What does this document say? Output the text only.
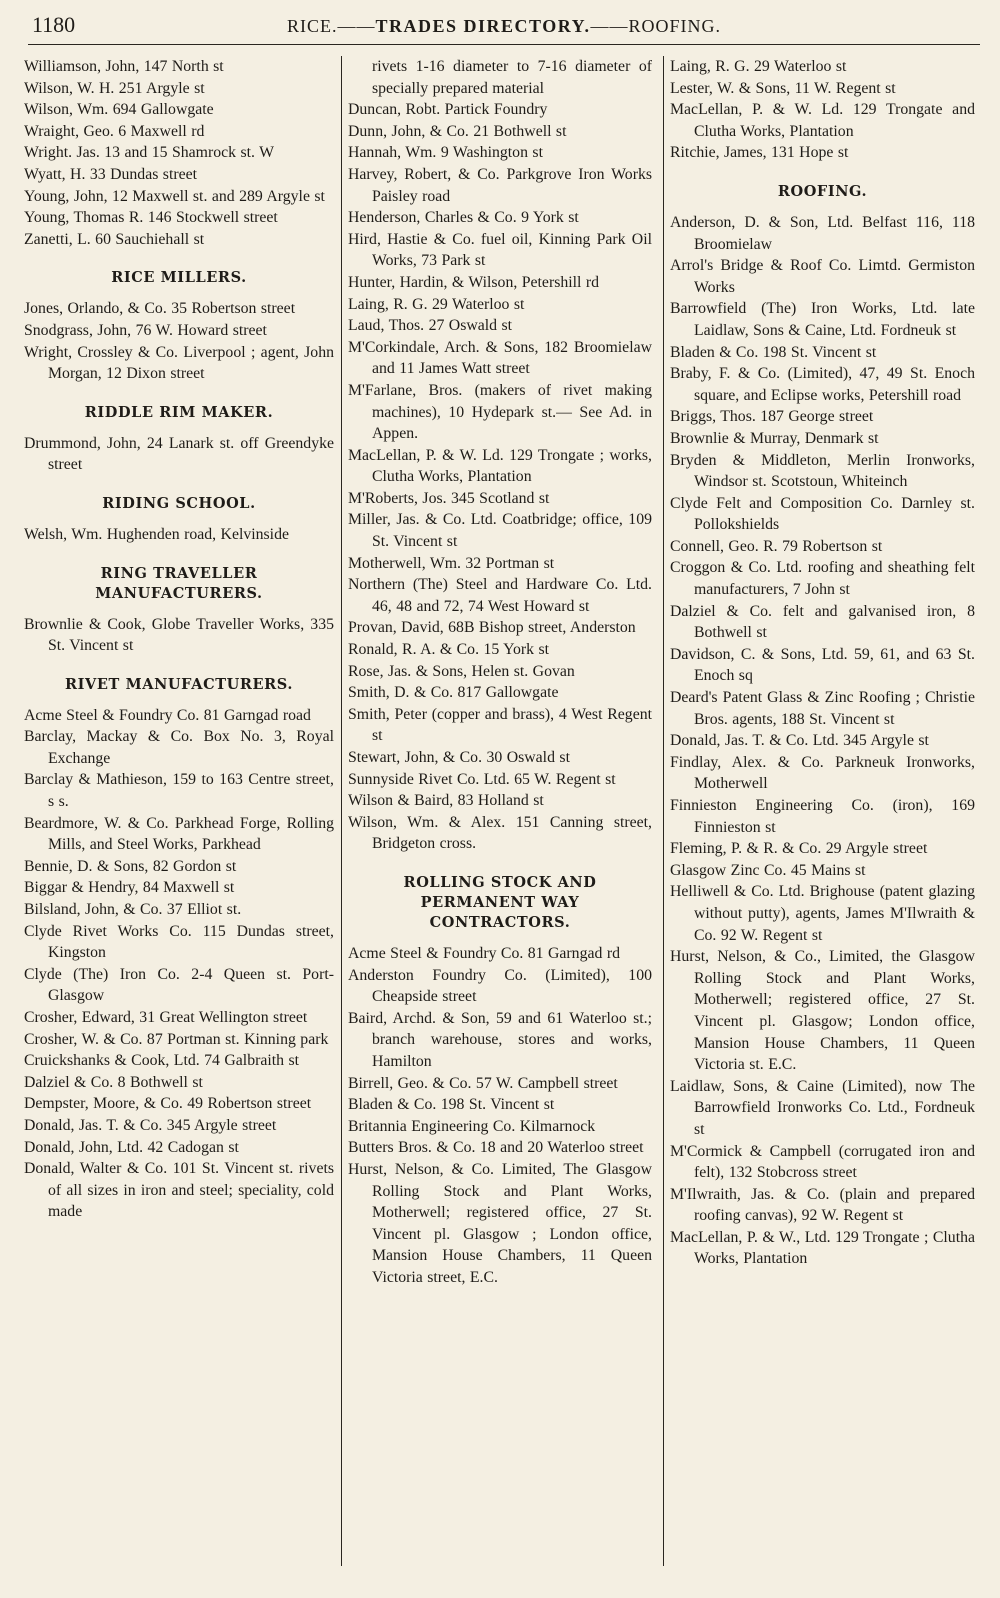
1180	RICE.——TRADES DIRECTORY.——ROOFING.
Williamson, John, 147 North st
Wilson, W. H. 251 Argyle st
Wilson, Wm. 694 Gallowgate
Wraight, Geo. 6 Maxwell rd
Wright. Jas. 13 and 15 Shamrock st. W
Wyatt, H. 33 Dundas street
Young, John, 12 Maxwell st. and 289 Argyle st
Young, Thomas R. 146 Stockwell street
Zanetti, L. 60 Sauchiehall st
RICE MILLERS.
Jones, Orlando, & Co. 35 Robertson street
Snodgrass, John, 76 W. Howard street
Wright, Crossley & Co. Liverpool ; agent, John Morgan, 12 Dixon street
RIDDLE RIM MAKER.
Drummond, John, 24 Lanark st. off Greendyke street
RIDING SCHOOL.
Welsh, Wm. Hughenden road, Kelvinside
RING TRAVELLER MANUFACTURERS.
Brownlie & Cook, Globe Traveller Works, 335 St. Vincent st
RIVET MANUFACTURERS.
Acme Steel & Foundry Co. 81 Garngad road
Barclay, Mackay & Co. Box No. 3, Royal Exchange
Barclay & Mathieson, 159 to 163 Centre street, s s.
Beardmore, W. & Co. Parkhead Forge, Rolling Mills, and Steel Works, Parkhead
Bennie, D. & Sons, 82 Gordon st
Biggar & Hendry, 84 Maxwell st
Bilsland, John, & Co. 37 Elliot st.
Clyde Rivet Works Co. 115 Dundas street, Kingston
Clyde (The) Iron Co. 2-4 Queen st. Port-Glasgow
Crosher, Edward, 31 Great Wellington street
Crosher, W. & Co. 87 Portman st. Kinning park
Cruickshanks & Cook, Ltd. 74 Galbraith st
Dalziel & Co. 8 Bothwell st
Dempster, Moore, & Co. 49 Robertson street
Donald, Jas. T. & Co. 345 Argyle street
Donald, John, Ltd. 42 Cadogan st
Donald, Walter & Co. 101 St. Vincent st. rivets of all sizes in iron and steel; speciality, cold made
rivets 1-16 diameter to 7-16 diameter of specially prepared material
Duncan, Robt. Partick Foundry
Dunn, John, & Co. 21 Bothwell st
Hannah, Wm. 9 Washington st
Harvey, Robert, & Co. Parkgrove Iron Works Paisley road
Henderson, Charles & Co. 9 York st
Hird, Hastie & Co. fuel oil, Kinning Park Oil Works, 73 Park st
Hunter, Hardin, & Wilson, Petershill rd
Laing, R. G. 29 Waterloo st
Laud, Thos. 27 Oswald st
M'Corkindale, Arch. & Sons, 182 Broomielaw and 11 James Watt street
M'Farlane, Bros. (makers of rivet making machines), 10 Hydepark st.— See Ad. in Appen.
MacLellan, P. & W. Ld. 129 Trongate ; works, Clutha Works, Plantation
M'Roberts, Jos. 345 Scotland st
Miller, Jas. & Co. Ltd. Coatbridge; office, 109 St. Vincent st
Motherwell, Wm. 32 Portman st
Northern (The) Steel and Hardware Co. Ltd. 46, 48 and 72, 74 West Howard st
Provan, David, 68B Bishop street, Anderston
Ronald, R. A. & Co. 15 York st
Rose, Jas. & Sons, Helen st. Govan
Smith, D. & Co. 817 Gallowgate
Smith, Peter (copper and brass), 4 West Regent st
Stewart, John, & Co. 30 Oswald st
Sunnyside Rivet Co. Ltd. 65 W. Regent st
Wilson & Baird, 83 Holland st
Wilson, Wm. & Alex. 151 Canning street, Bridgeton cross.
ROLLING STOCK AND PERMANENT WAY CONTRACTORS.
Acme Steel & Foundry Co. 81 Garngad rd
Anderston Foundry Co. (Limited), 100 Cheapside street
Baird, Archd. & Son, 59 and 61 Waterloo st.; branch warehouse, stores and works, Hamilton
Birrell, Geo. & Co. 57 W. Campbell street
Bladen & Co. 198 St. Vincent st
Britannia Engineering Co. Kilmarnock
Butters Bros. & Co. 18 and 20 Waterloo street
Hurst, Nelson, & Co. Limited, The Glasgow Rolling Stock and Plant Works, Motherwell; registered office, 27 St. Vincent pl. Glasgow ; London office, Mansion House Chambers, 11 Queen Victoria street, E.C.
Laing, R. G. 29 Waterloo st
Lester, W. & Sons, 11 W. Regent st
MacLellan, P. & W. Ld. 129 Trongate and Clutha Works, Plantation
Ritchie, James, 131 Hope st
ROOFING.
Anderson, D. & Son, Ltd. Belfast 116, 118 Broomielaw
Arrol's Bridge & Roof Co. Limtd. Germiston Works
Barrowfield (The) Iron Works, Ltd. late Laidlaw, Sons & Caine, Ltd. Fordneuk st
Bladen & Co. 198 St. Vincent st
Braby, F. & Co. (Limited), 47, 49 St. Enoch square, and Eclipse works, Petershill road
Briggs, Thos. 187 George street
Brownlie & Murray, Denmark st
Bryden & Middleton, Merlin Ironworks, Windsor st. Scotstoun, Whiteinch
Clyde Felt and Composition Co. Darnley st. Pollokshields
Connell, Geo. R. 79 Robertson st
Croggon & Co. Ltd. roofing and sheathing felt manufacturers, 7 John st
Dalziel & Co. felt and galvanised iron, 8 Bothwell st
Davidson, C. & Sons, Ltd. 59, 61, and 63 St. Enoch sq
Deard's Patent Glass & Zinc Roofing ; Christie Bros. agents, 188 St. Vincent st
Donald, Jas. T. & Co. Ltd. 345 Argyle st
Findlay, Alex. & Co. Parkneuk Ironworks, Motherwell
Finnieston Engineering Co. (iron), 169 Finnieston st
Fleming, P. & R. & Co. 29 Argyle street
Glasgow Zinc Co. 45 Mains st
Helliwell & Co. Ltd. Brighouse (patent glazing without putty), agents, James M'Ilwraith & Co. 92 W. Regent st
Hurst, Nelson, & Co., Limited, the Glasgow Rolling Stock and Plant Works, Motherwell; registered office, 27 St. Vincent pl. Glasgow; London office, Mansion House Chambers, 11 Queen Victoria st. E.C.
Laidlaw, Sons, & Caine (Limited), now The Barrowfield Ironworks Co. Ltd., Fordneuk st
M'Cormick & Campbell (corrugated iron and felt), 132 Stobcross street
M'Ilwraith, Jas. & Co. (plain and prepared roofing canvas), 92 W. Regent st
MacLellan, P. & W., Ltd. 129 Trongate ; Clutha Works, Plantation
